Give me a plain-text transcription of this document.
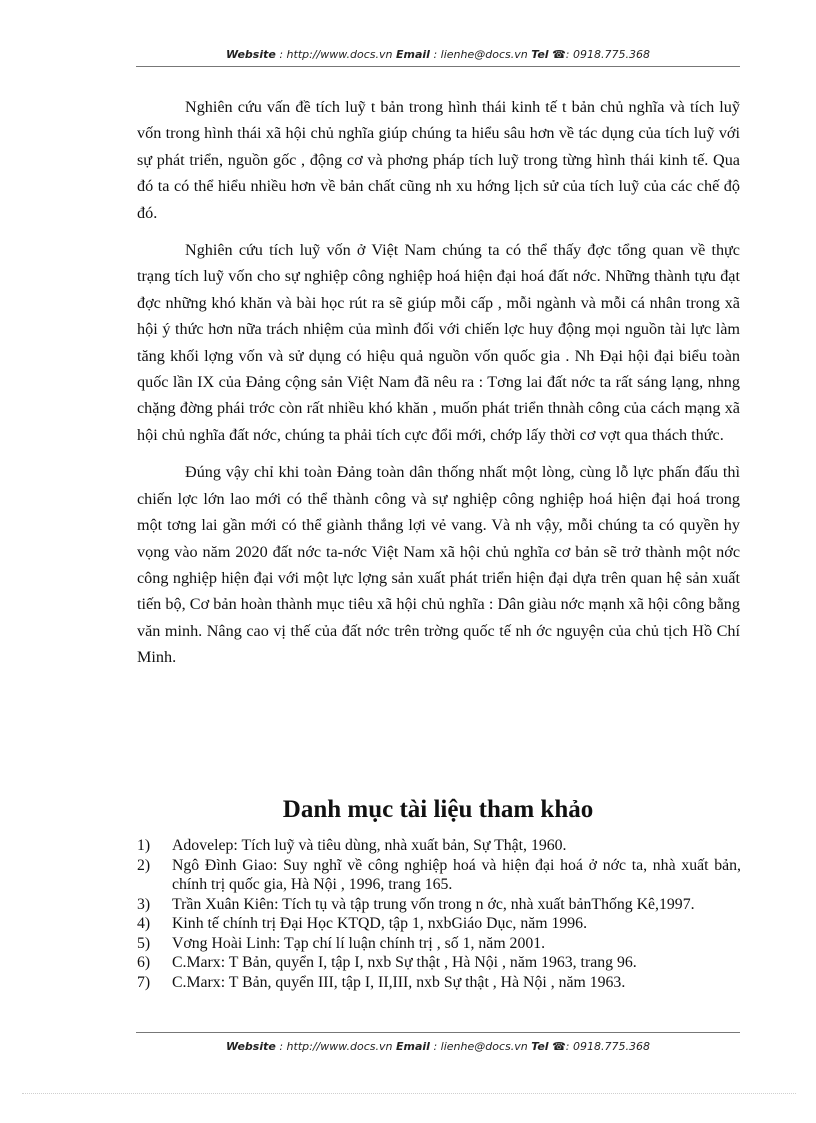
Website : http://www.docs.vn Email : lienhe@docs.vn Tel ☎: 0918.775.368

Nghiên cứu vấn đề tích luỹ t bản trong hình thái kinh tế t bản chủ nghĩa và tích luỹ vốn trong hình thái xã hội chủ nghĩa giúp chúng ta hiểu sâu hơn về tác dụng của tích luỹ với sự phát triển, nguồn gốc , động cơ và phơng pháp tích luỹ trong từng hình thái kinh tế. Qua đó ta có thể hiểu nhiều hơn về bản chất cũng nh xu hớng lịch sử của tích luỹ của các chế độ đó.

Nghiên cứu tích luỹ vốn ở Việt Nam chúng ta có thể thấy đợc tổng quan về thực trạng tích luỹ vốn cho sự nghiệp công nghiệp hoá hiện đại hoá đất nớc. Những thành tựu đạt đợc những khó khăn và bài học rút ra sẽ giúp mỗi cấp , mỗi ngành và mỗi cá nhân trong xã hội ý thức hơn nữa trách nhiệm của mình đối với chiến lợc huy động mọi nguồn tài lực làm tăng khối lợng vốn và sử dụng có hiệu quả nguồn vốn quốc gia . Nh Đại hội đại biểu toàn quốc lần IX của Đảng cộng sản Việt Nam đã nêu ra : Tơng lai đất nớc ta rất sáng lạng, nhng chặng đờng phái trớc còn rất nhiều khó khăn , muốn phát triển thnàh công của cách mạng xã hội chủ nghĩa đất nớc, chúng ta phải tích cực đổi mới, chớp lấy thời cơ vợt qua thách thức.

Đúng vậy chỉ khi toàn Đảng toàn dân thống nhất một lòng, cùng lỗ lực phấn đấu thì chiến lợc lớn lao mới có thể thành công và sự nghiệp công nghiệp hoá hiện đại hoá trong một tơng lai gần mới có thể giành thắng lợi vẻ vang. Và nh vậy, mỗi chúng ta có quyền hy vọng vào năm 2020 đất nớc ta-nớc Việt Nam xã hội chủ nghĩa cơ bản sẽ trở thành một nớc công nghiệp hiện đại với một lực lợng sản xuất phát triển hiện đại dựa trên quan hệ sản xuất tiến bộ, Cơ bản hoàn thành mục tiêu xã hội chủ nghĩa : Dân giàu nớc mạnh xã hội công bằng văn minh. Nâng cao vị thế của đất nớc trên trờng quốc tế nh ớc nguyện của chủ tịch Hồ Chí Minh.

Danh mục tài liệu tham khảo
1)	Adovelep: Tích luỹ và tiêu dùng, nhà xuất bản, Sự Thật, 1960.
2)	Ngô Đình Giao: Suy nghĩ về công nghiệp hoá và hiện đại hoá ở nớc ta, nhà xuất bản, chính trị quốc gia, Hà Nội , 1996, trang 165.
3)	Trần Xuân Kiên: Tích tụ và tập trung vốn trong n ớc, nhà xuất bảnThống Kê,1997.
4)	Kinh tế chính trị Đại Học KTQD, tập 1, nxbGiáo Dục, năm 1996.
5)	Vơng Hoài Linh: Tạp chí lí luận chính trị , số 1, năm 2001.
6)	C.Marx: T Bản, quyển I, tập I, nxb Sự thật , Hà Nội , năm 1963, trang 96.
7)	C.Marx: T Bản, quyển III, tập I, II,III, nxb Sự thật , Hà Nội , năm 1963.
Website : http://www.docs.vn Email : lienhe@docs.vn Tel ☎: 0918.775.368
